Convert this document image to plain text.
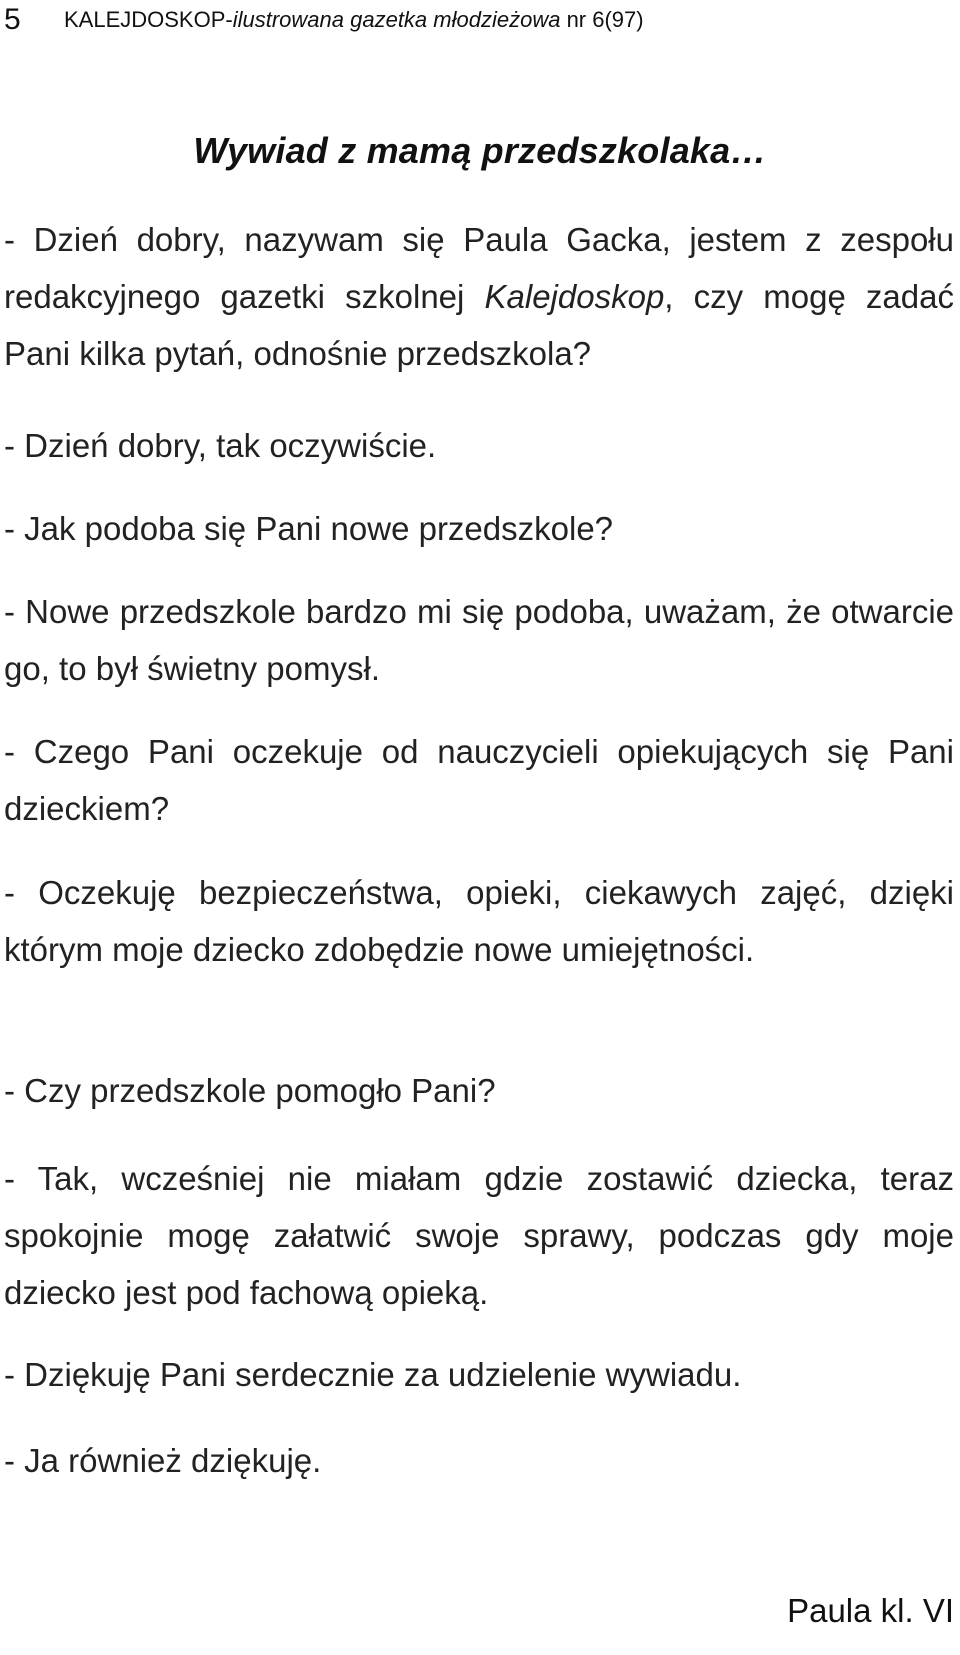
5 KALEJDOSKOP-ilustrowana gazetka młodzieżowa nr 6(97)
Wywiad z mamą przedszkolaka…

- Dzień dobry, nazywam się Paula Gacka, jestem z zespołu redakcyjnego gazetki szkolnej Kalejdoskop, czy mogę zadać Pani kilka pytań, odnośnie przedszkola?

- Dzień dobry, tak oczywiście.

- Jak podoba się Pani nowe przedszkole?

- Nowe przedszkole bardzo mi się podoba, uważam, że otwarcie go, to był świetny pomysł.

- Czego Pani oczekuje od nauczycieli opiekujących się Pani dzieckiem?

- Oczekuję bezpieczeństwa, opieki, ciekawych zajęć, dzięki którym moje dziecko zdobędzie nowe umiejętności.

- Czy przedszkole pomogło Pani?

- Tak, wcześniej nie miałam gdzie zostawić dziecka, teraz spokojnie mogę załatwić swoje sprawy, podczas gdy moje dziecko jest pod fachową opieką.

- Dziękuję Pani serdecznie za udzielenie wywiadu.

- Ja również dziękuję.

Paula kl. VI
